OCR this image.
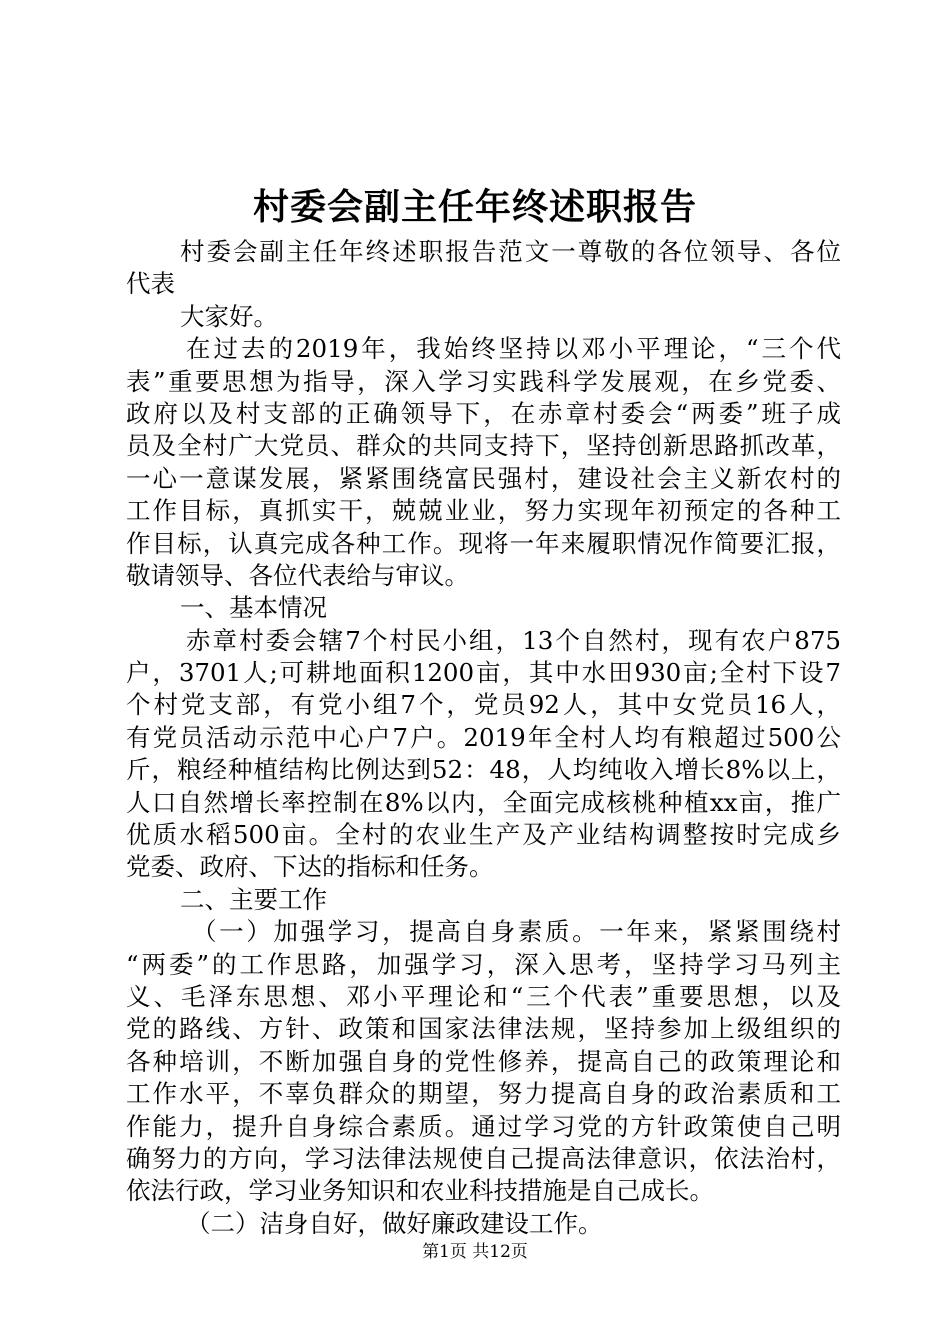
村委会副主任年终述职报告
村委会副主任年终述职报告范文一尊敬的各位领导、各位
代表
大家好。
在过去的2019年，我始终坚持以邓小平理论，“三个代
表”重要思想为指导，深入学习实践科学发展观，在乡党委、
政府以及村支部的正确领导下，在赤章村委会“两委”班子成
员及全村广大党员、群众的共同支持下，坚持创新思路抓改革，
一心一意谋发展，紧紧围绕富民强村，建设社会主义新农村的
工作目标，真抓实干，兢兢业业，努力实现年初预定的各种工
作目标，认真完成各种工作。现将一年来履职情况作简要汇报，
敬请领导、各位代表给与审议。
一、基本情况
赤章村委会辖7个村民小组，13个自然村，现有农户875
户，3701人;可耕地面积1200亩，其中水田930亩;全村下设7
个村党支部，有党小组7个，党员92人，其中女党员16人，
有党员活动示范中心户7户。2019年全村人均有粮超过500公
斤，粮经种植结构比例达到52：48，人均纯收入增长8%以上，
人口自然增长率控制在8%以内，全面完成核桃种植xx亩，推广
优质水稻500亩。全村的农业生产及产业结构调整按时完成乡
党委、政府、下达的指标和任务。
二、主要工作
（一）加强学习，提高自身素质。一年来，紧紧围绕村
“两委”的工作思路，加强学习，深入思考，坚持学习马列主
义、毛泽东思想、邓小平理论和“三个代表”重要思想，以及
党的路线、方针、政策和国家法律法规，坚持参加上级组织的
各种培训，不断加强自身的党性修养，提高自己的政策理论和
工作水平，不辜负群众的期望，努力提高自身的政治素质和工
作能力，提升自身综合素质。通过学习党的方针政策使自己明
确努力的方向，学习法律法规使自己提高法律意识，依法治村，
依法行政，学习业务知识和农业科技措施是自己成长。
（二）洁身自好，做好廉政建设工作。
第1页 共12页
